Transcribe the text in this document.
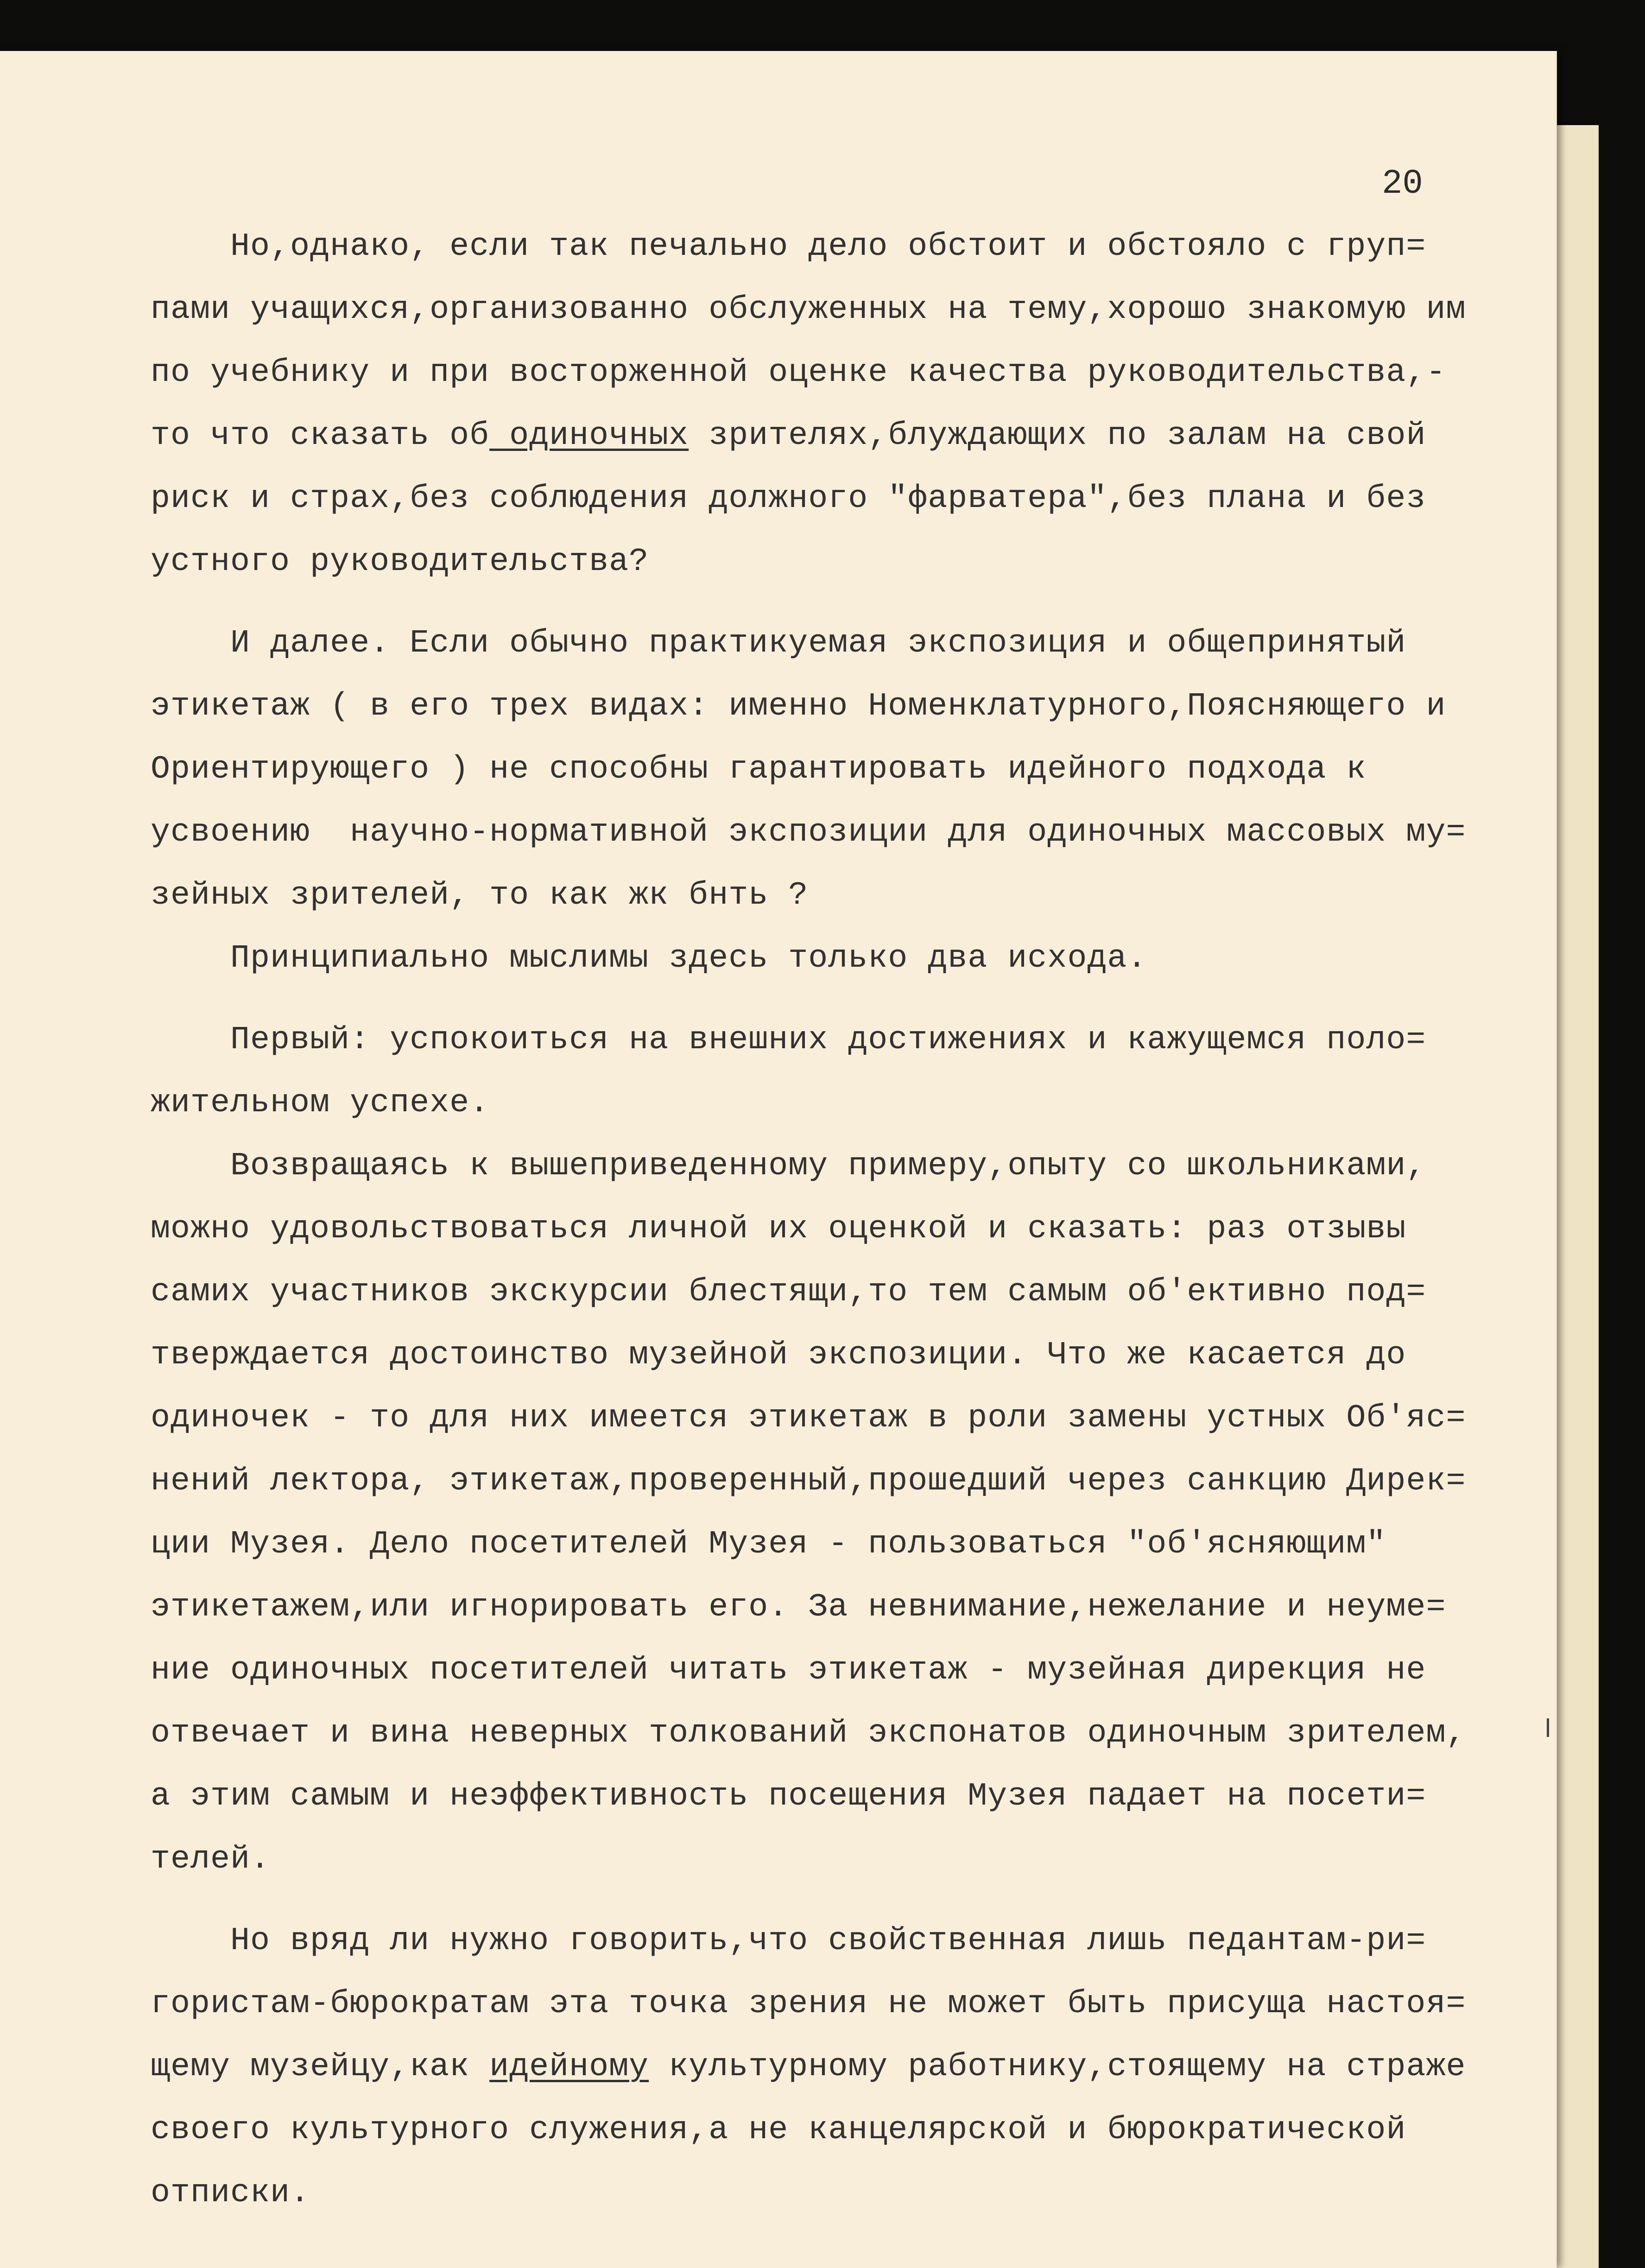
20

Но,однако, если так печально дело обстоит и обстояло с груп=

пами учащихся,организованно обслуженных на тему,хорошо знакомую им

по учебнику и при восторженной оценке качества руководительства,-

то что сказать об одиночных зрителях,блуждающих по залам на свой

риск и страх,без соблюдения должного "фарватера",без плана и без

устного руководительства?

И далее. Если обычно практикуемая экспозиция и общепринятый

этикетаж ( в его трех видах: именно Номенклатурного,Поясняющего и

Ориентирующего ) не способны гарантировать идейного подхода к

усвоению  научно-нормативной экспозиции для одиночных массовых му=

зейных зрителей, то как жк бнть ?

Принципиально мыслимы здесь только два исхода.

Первый: успокоиться на внешних достижениях и кажущемся поло=

жительном успехе.

Возвращаясь к вышеприведенному примеру,опыту со школьниками,

можно удовольствоваться личной их оценкой и сказать: раз отзывы

самих участников экскурсии блестящи,то тем самым об'ективно под=

тверждается достоинство музейной экспозиции. Что же касается до

одиночек - то для них имеется этикетаж в роли замены устных Об'яс=

нений лектора, этикетаж,проверенный,прошедший через санкцию Дирек=

ции Музея. Дело посетителей Музея - пользоваться "об'ясняющим"

этикетажем,или игнорировать его. За невнимание,нежелание и неуме=

ние одиночных посетителей читать этикетаж - музейная дирекция не

отвечает и вина неверных толкований экспонатов одиночным зрителем,

а этим самым и неэффективность посещения Музея падает на посети=

телей.

Но вряд ли нужно говорить,что свойственная лишь педантам-ри=

гористам-бюрократам эта точка зрения не может быть присуща настоя=

щему музейцу,как идейному культурному работнику,стоящему на страже

своего культурного служения,а не канцелярской и бюрократической

отписки.
